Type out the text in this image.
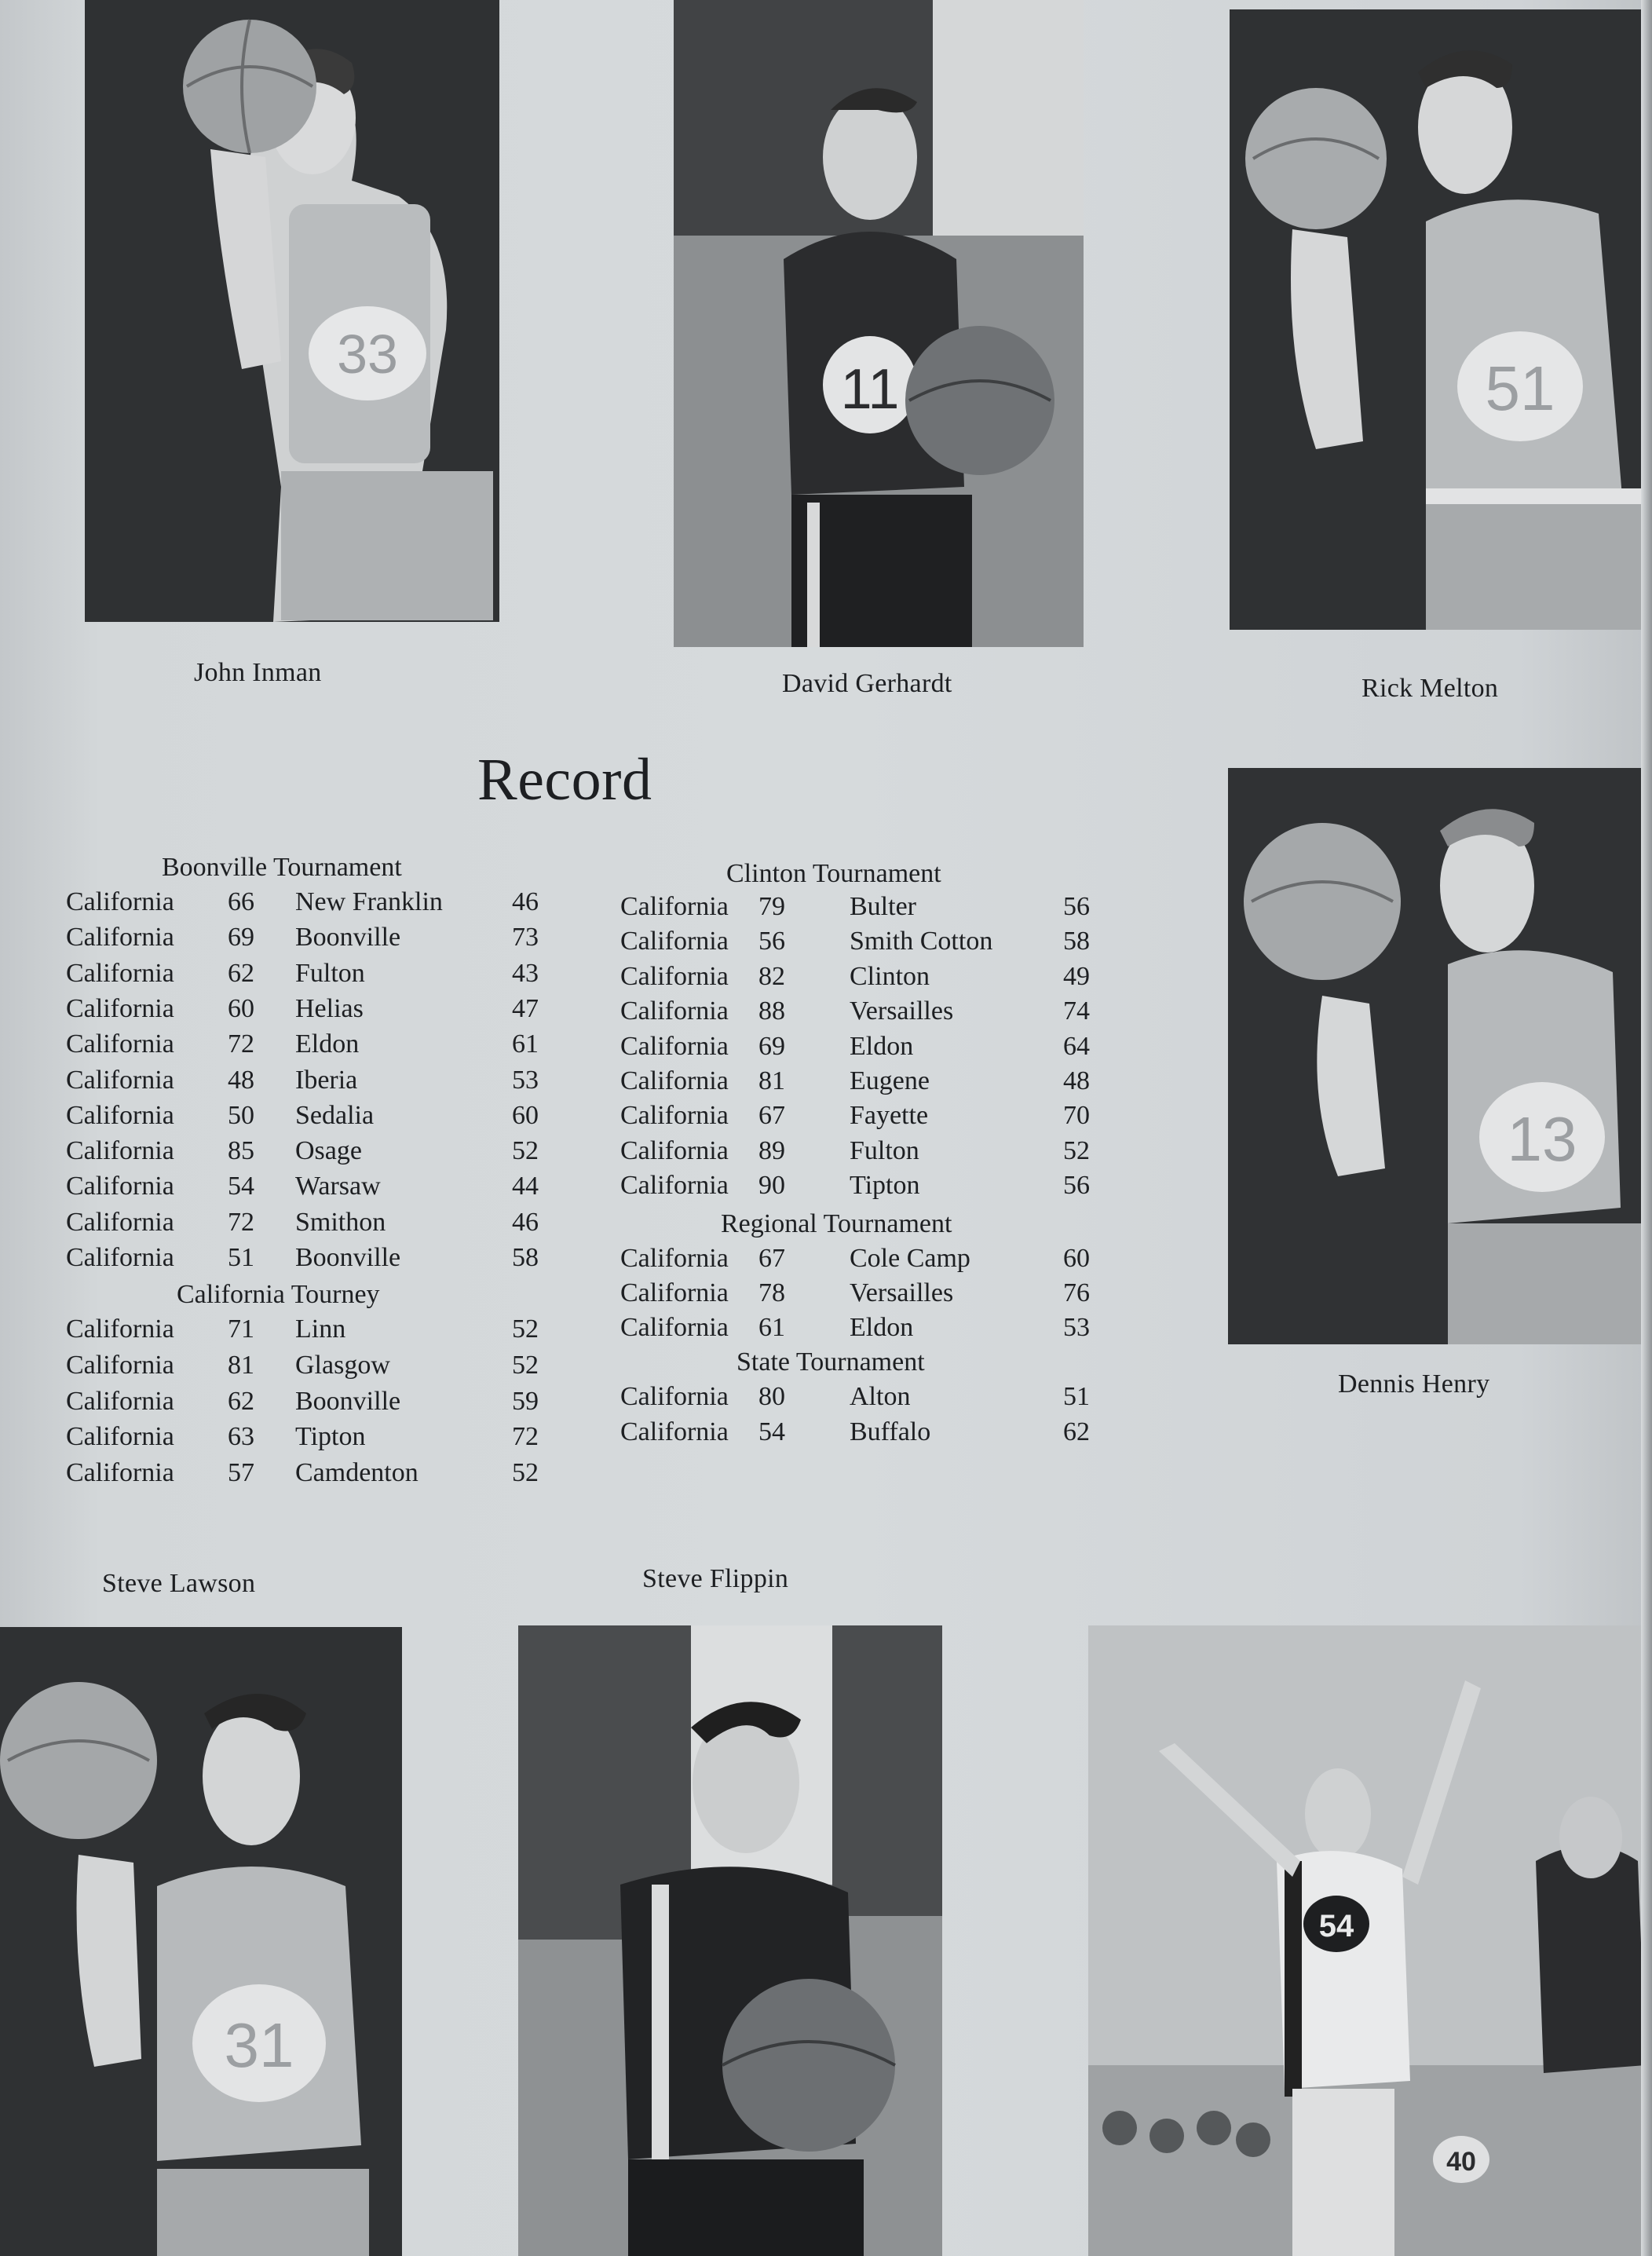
33
11	51
John Inman	David Gerhardt	Rick Melton
13
Dennis Henry
Record
Boonville Tournament
California	66 New Franklin	46
California	69 Boonville	73
California	62 Fulton	43
California	60 Helias	47
California	72 Eldon	61
California	48 Iberia	53
California	50 Sedalia	60
California	85 Osage	52
California	54 Warsaw	44
California	72 Smithon	46
California	51 Boonville	58
California Tourney
California	71 Linn	52
California	81 Glasgow	52
California	62 Boonville	59
California	63 Tipton	72
California	57 Camdenton	52
Clinton Tournament
California	79 Bulter	56
California	56 Smith Cotton	58
California	82 Clinton	49
California	88 Versailles	74
California	69 Eldon	64
California	81 Eugene	48
California	67 Fayette	70
California	89 Fulton	52
California	90 Tipton	56
Regional Tournament
California	67 Cole Camp	60
California	78 Versailles	76
California	61 Eldon	53
State Tournament
California	80 Alton	51
California	54 Buffalo	62
Steve Lawson	Steve Flippin
31
54
40
